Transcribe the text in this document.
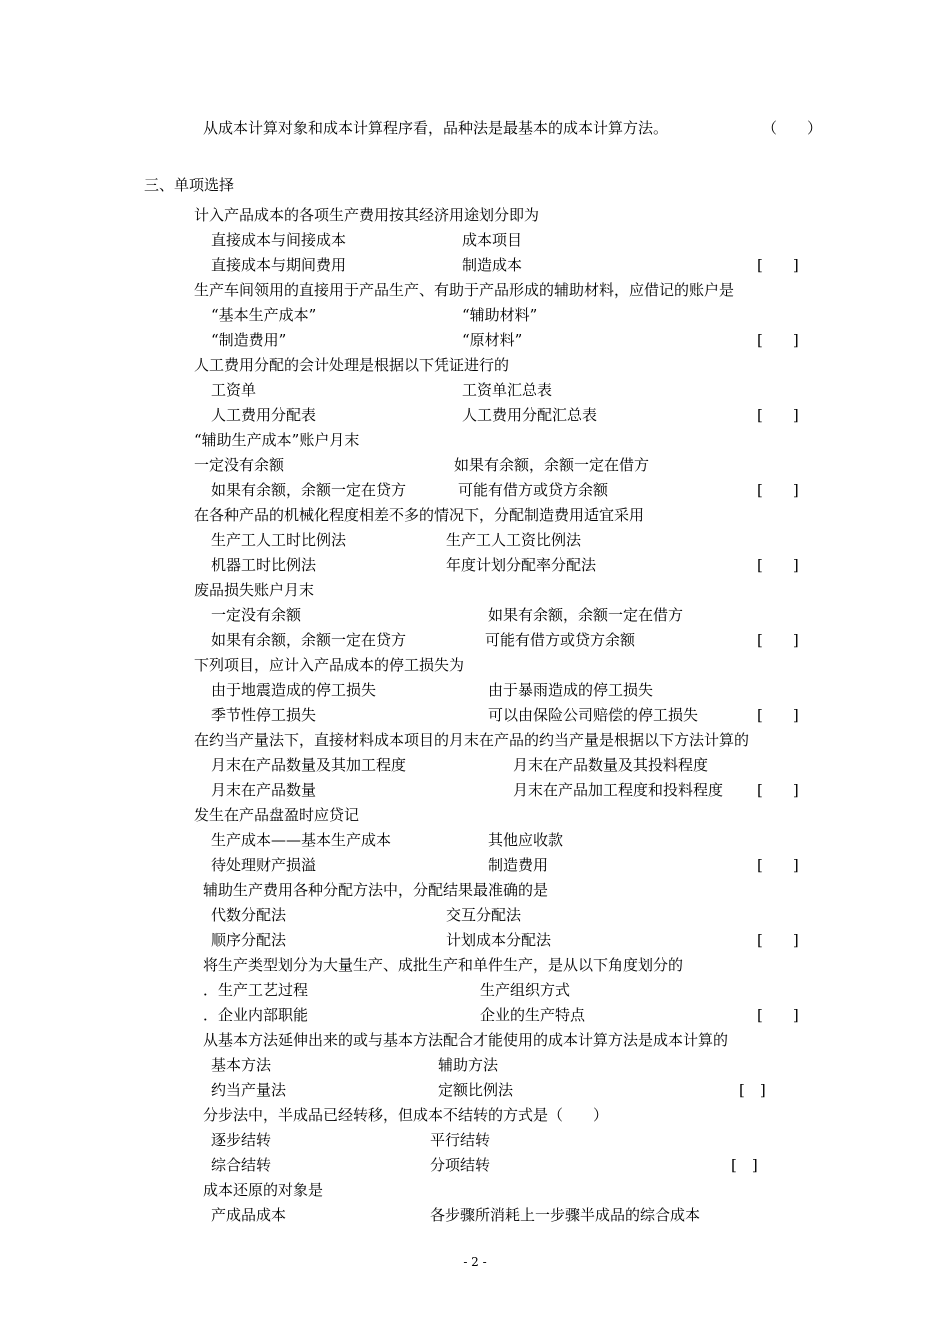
从成本计算对象和成本计算程序看，品种法是最基本的成本计算方法。	（　　）
三、单项选择
计入产品成本的各项生产费用按其经济用途划分即为
直接成本与间接成本	成本项目
直接成本与期间费用	制造成本	[　　]
生产车间领用的直接用于产品生产、有助于产品形成的辅助材料，应借记的账户是
“基本生产成本”	“辅助材料”
“制造费用”	“原材料”	[　　]
人工费用分配的会计处理是根据以下凭证进行的
工资单	工资单汇总表
人工费用分配表	人工费用分配汇总表	[　　]
“辅助生产成本”账户月末
一定没有余额	如果有余额，余额一定在借方
如果有余额，余额一定在贷方	可能有借方或贷方余额	[　　]
在各种产品的机械化程度相差不多的情况下，分配制造费用适宜采用
生产工人工时比例法	生产工人工资比例法
机器工时比例法	年度计划分配率分配法	[　　]
废品损失账户月末
一定没有余额	如果有余额，余额一定在借方
如果有余额，余额一定在贷方	可能有借方或贷方余额	[　　]
下列项目，应计入产品成本的停工损失为
由于地震造成的停工损失	由于暴雨造成的停工损失
季节性停工损失	可以由保险公司赔偿的停工损失	[　　]
在约当产量法下，直接材料成本项目的月末在产品的约当产量是根据以下方法计算的
月末在产品数量及其加工程度	月末在产品数量及其投料程度
月末在产品数量	月末在产品加工程度和投料程度 [　　]
发生在产品盘盈时应贷记
生产成本——基本生产成本	其他应收款
待处理财产损溢	制造费用	[　　]
辅助生产费用各种分配方法中，分配结果最准确的是
代数分配法	交互分配法
顺序分配法	计划成本分配法	[　　]
将生产类型划分为大量生产、成批生产和单件生产，是从以下角度划分的
．生产工艺过程	生产组织方式
．企业内部职能	企业的生产特点	[　　]
从基本方法延伸出来的或与基本方法配合才能使用的成本计算方法是成本计算的
基本方法	辅助方法
约当产量法	定额比例法	[　]
分步法中，半成品已经转移，但成本不结转的方式是（　　）
逐步结转	平行结转
综合结转	分项结转	[　]
成本还原的对象是
产成品成本	各步骤所消耗上一步骤半成品的综合成本
- 2 -
